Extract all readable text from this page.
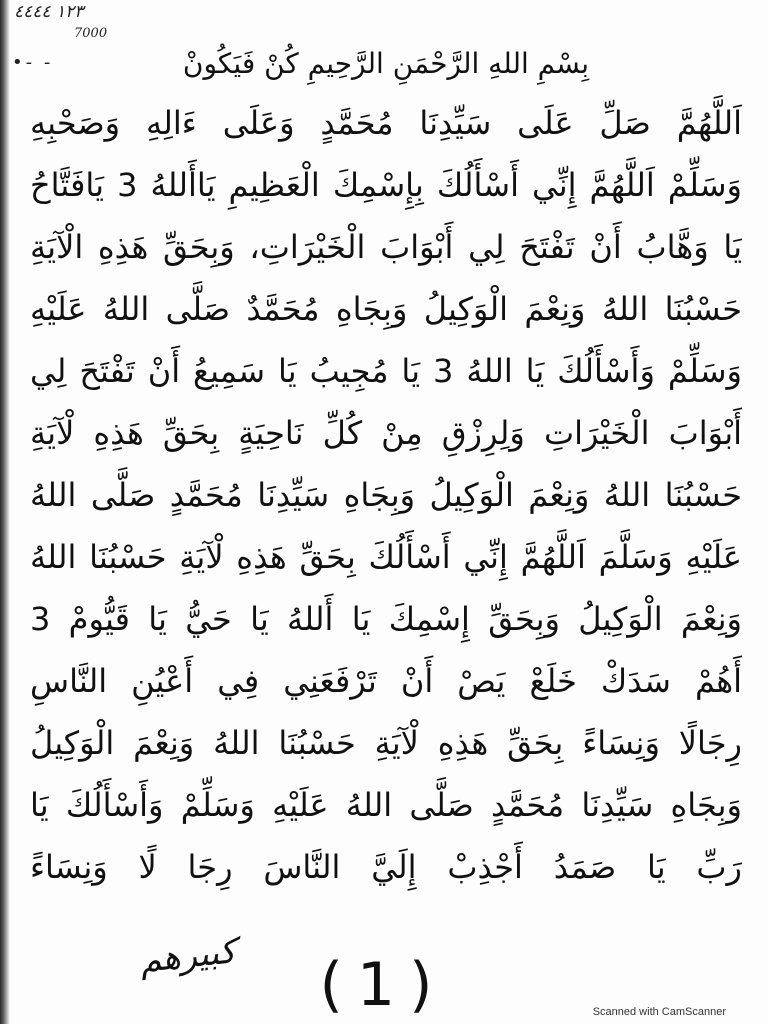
١٢٣ ٤٤٤٤
7000
•- -	بِسْمِ اللهِ الرَّحْمَنِ الرَّحِيمِ كُنْ فَيَكُونْ
اَللَّهُمَّ صَلِّ عَلَى سَيِّدِنَا مُحَمَّدٍ وَعَلَى ءَالِهِ وَصَحْبِهِ
وَسَلِّمْ اَللَّهُمَّ إِنِّي أَسْأَلُكَ بِإِسْمِكَ الْعَظِيمِ يَاأَللهُ 3 يَافَتَّاحُ
يَا وَهَّابُ أَنْ تَفْتَحَ لِي أَبْوَابَ الْخَيْرَاتِ، وَبِحَقِّ هَذِهِ الْآيَةِ
حَسْبُنَا اللهُ وَنِعْمَ الْوَكِيلُ وَبِجَاهِ مُحَمَّدٌ صَلَّى اللهُ عَلَيْهِ
وَسَلِّمْ وَأَسْأَلُكَ يَا اللهُ 3 يَا مُجِيبُ يَا سَمِيعُ أَنْ تَفْتَحَ لِي
أَبْوَابَ الْخَيْرَاتِ وَلِرِزْقِ مِنْ كُلِّ نَاحِيَةٍ بِحَقِّ هَذِهِ لْآيَةِ
حَسْبُنَا اللهُ وَنِعْمَ الْوَكِيلُ وَبِجَاهِ سَيِّدِنَا مُحَمَّدٍ صَلَّى اللهُ
عَلَيْهِ وَسَلَّمَ اَللَّهُمَّ إِنِّي أَسْأَلُكَ بِحَقِّ هَذِهِ لْآيَةِ حَسْبُنَا اللهُ
وَنِعْمَ الْوَكِيلُ وَبِحَقِّ إِسْمِكَ يَا أَللهُ يَا حَيُّ يَا قَيُّومْ 3
أَهُمْ سَدَكْ خَلَعْ يَصْ أَنْ تَرْفَعَنِي فِي أَعْيُنِ النَّاسِ
رِجَالًا وَنِسَاءً بِحَقِّ هَذِهِ لْآيَةِ حَسْبُنَا اللهُ وَنِعْمَ الْوَكِيلُ
وَبِجَاهِ سَيِّدِنَا مُحَمَّدٍ صَلَّى اللهُ عَلَيْهِ وَسَلِّمْ وَأَسْأَلُكَ يَا
رَبِّ يَا صَمَدُ أَجْذِبْ إِلَيَّ النَّاسَ رِجَا لًا وَنِسَاءً
كبيرهم (1)	Scanned with CamScanner
